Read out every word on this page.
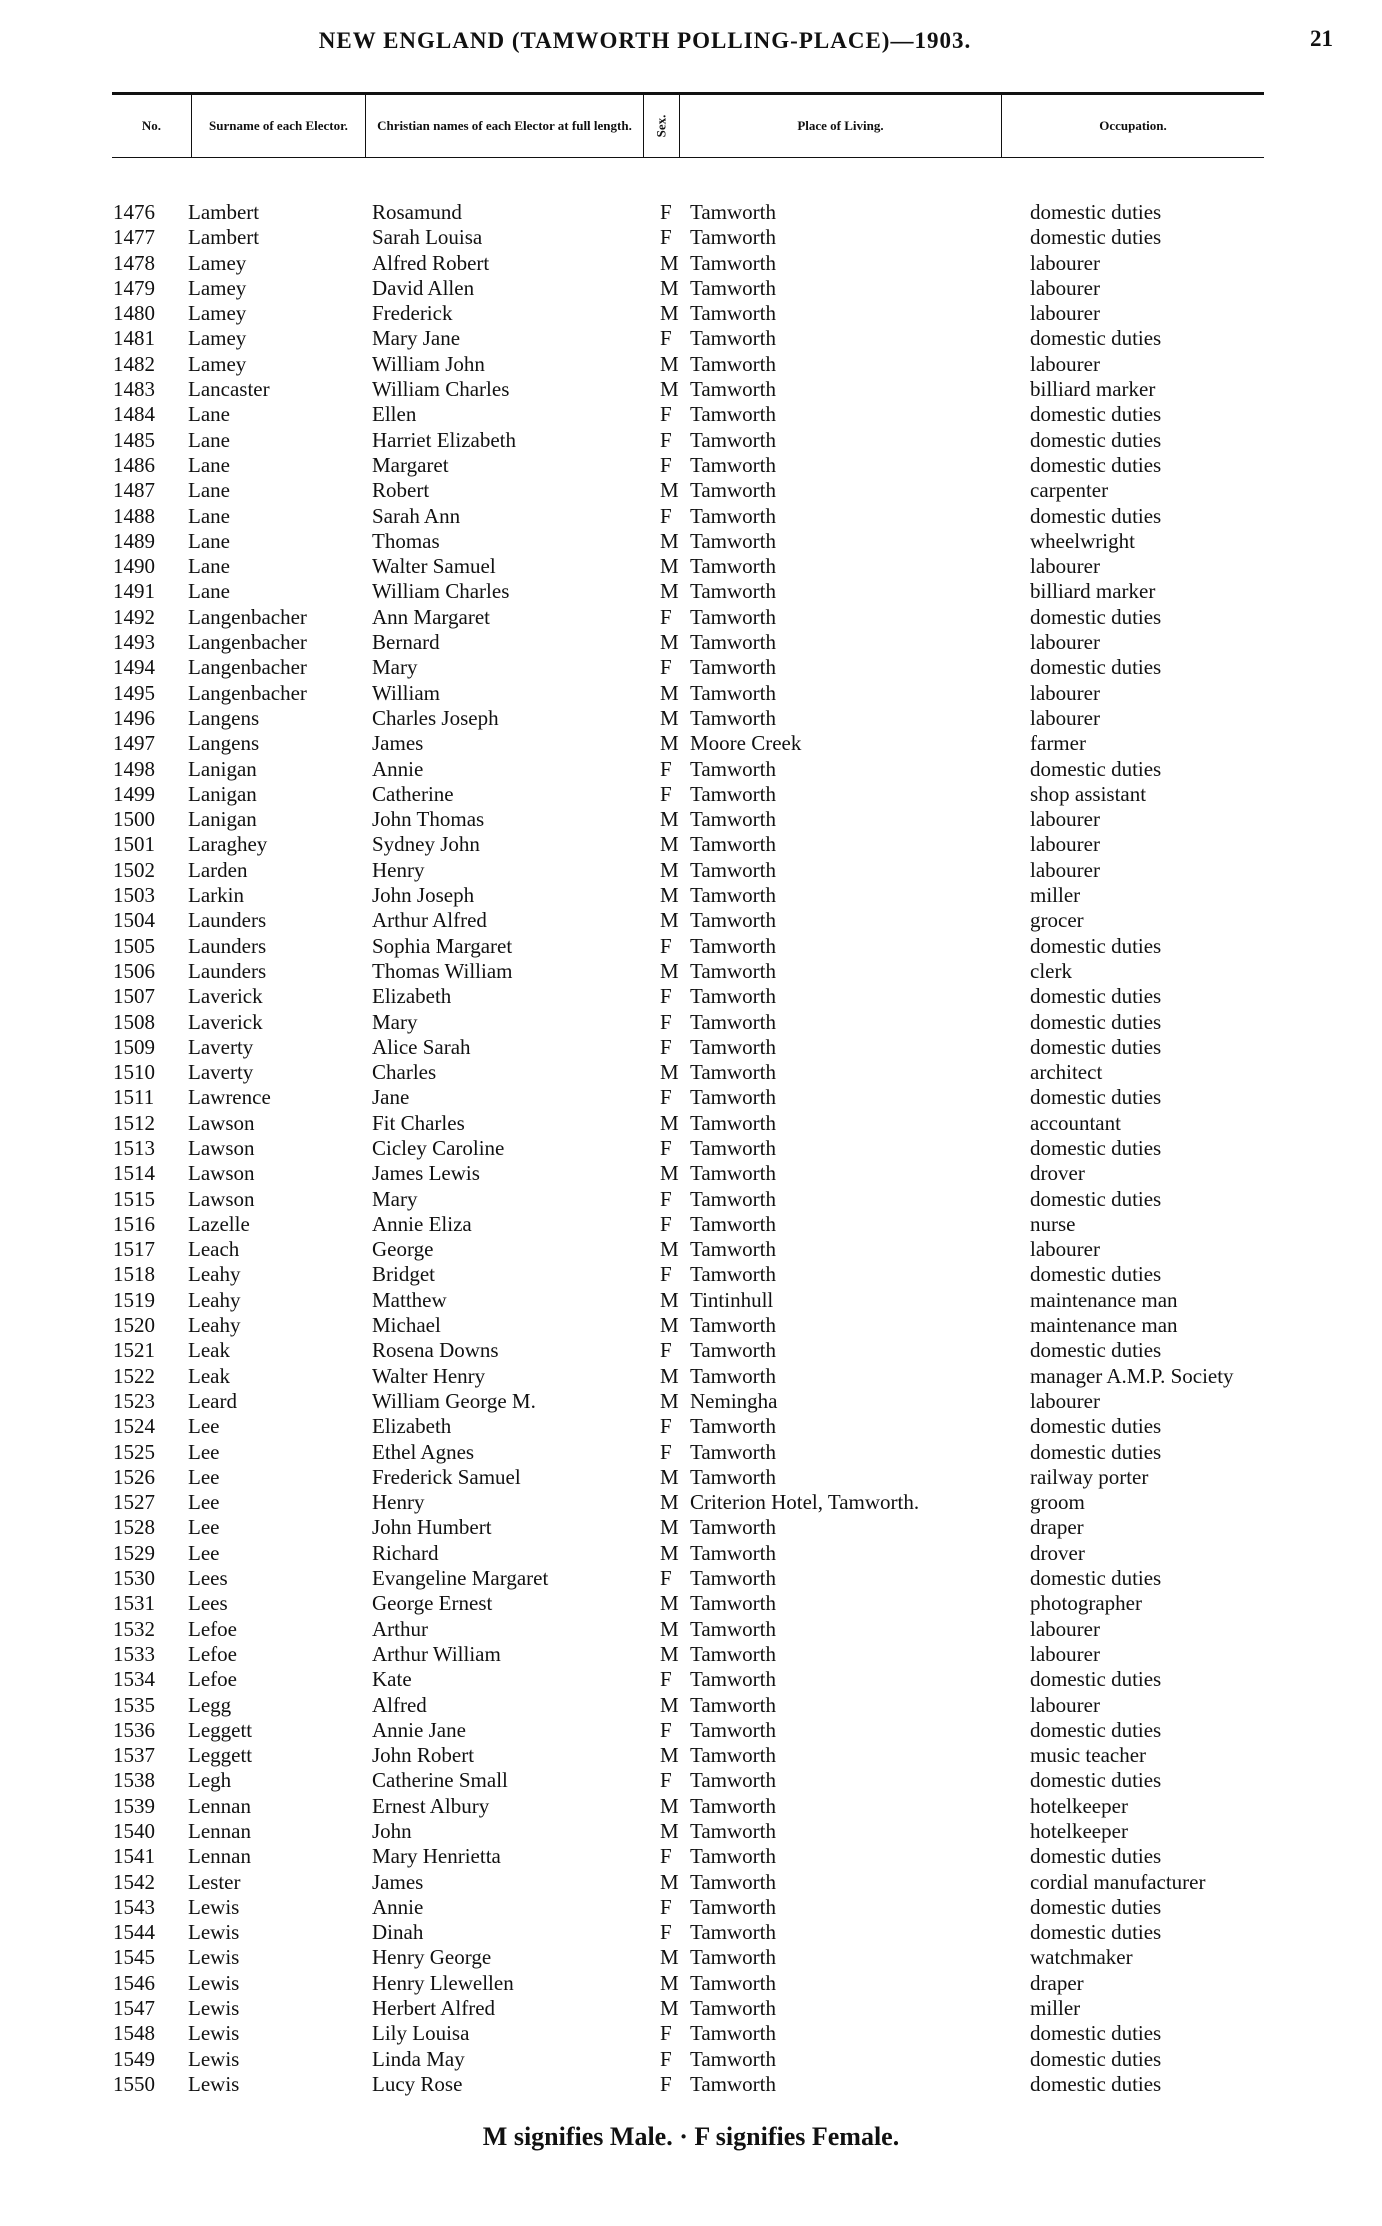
NEW ENGLAND (TAMWORTH POLLING-PLACE)—1903.	21
No.	Surname of each Elector.	Christian names of each Elector at full length.	Sex.	Place of Living.	Occupation.
1476	Lambert	Rosamund	F Tamworth	domestic duties
1477	Lambert	Sarah Louisa	F Tamworth	domestic duties
1478	Lamey	Alfred Robert	M Tamworth	labourer
1479	Lamey	David Allen	M Tamworth	labourer
1480	Lamey	Frederick	M Tamworth	labourer
1481	Lamey	Mary Jane	F Tamworth	domestic duties
1482	Lamey	William John	M Tamworth	labourer
1483	Lancaster	William Charles	M Tamworth	billiard marker
1484	Lane	Ellen	F Tamworth	domestic duties
1485	Lane	Harriet Elizabeth	F Tamworth	domestic duties
1486	Lane	Margaret	F Tamworth	domestic duties
1487	Lane	Robert	M Tamworth	carpenter
1488	Lane	Sarah Ann	F Tamworth	domestic duties
1489	Lane	Thomas	M Tamworth	wheelwright
1490	Lane	Walter Samuel	M Tamworth	labourer
1491	Lane	William Charles	M Tamworth	billiard marker
1492	Langenbacher	Ann Margaret	F Tamworth	domestic duties
1493	Langenbacher	Bernard	M Tamworth	labourer
1494	Langenbacher	Mary	F Tamworth	domestic duties
1495	Langenbacher	William	M Tamworth	labourer
1496	Langens	Charles Joseph	M Tamworth	labourer
1497	Langens	James	M Moore Creek	farmer
1498	Lanigan	Annie	F Tamworth	domestic duties
1499	Lanigan	Catherine	F Tamworth	shop assistant
1500	Lanigan	John Thomas	M Tamworth	labourer
1501	Laraghey	Sydney John	M Tamworth	labourer
1502	Larden	Henry	M Tamworth	labourer
1503	Larkin	John Joseph	M Tamworth	miller
1504	Launders	Arthur Alfred	M Tamworth	grocer
1505	Launders	Sophia Margaret	F Tamworth	domestic duties
1506	Launders	Thomas William	M Tamworth	clerk
1507	Laverick	Elizabeth	F Tamworth	domestic duties
1508	Laverick	Mary	F Tamworth	domestic duties
1509	Laverty	Alice Sarah	F Tamworth	domestic duties
1510	Laverty	Charles	M Tamworth	architect
1511	Lawrence	Jane	F Tamworth	domestic duties
1512	Lawson	Fit Charles	M Tamworth	accountant
1513	Lawson	Cicley Caroline	F Tamworth	domestic duties
1514	Lawson	James Lewis	M Tamworth	drover
1515	Lawson	Mary	F Tamworth	domestic duties
1516	Lazelle	Annie Eliza	F Tamworth	nurse
1517	Leach	George	M Tamworth	labourer
1518	Leahy	Bridget	F Tamworth	domestic duties
1519	Leahy	Matthew	M Tintinhull	maintenance man
1520	Leahy	Michael	M Tamworth	maintenance man
1521	Leak	Rosena Downs	F Tamworth	domestic duties
1522	Leak	Walter Henry	M Tamworth	manager A.M.P. Society
1523	Leard	William George M.	M Nemingha	labourer
1524	Lee	Elizabeth	F Tamworth	domestic duties
1525	Lee	Ethel Agnes	F Tamworth	domestic duties
1526	Lee	Frederick Samuel	M Tamworth	railway porter
1527	Lee	Henry	M Criterion Hotel, Tamworth.	groom
1528	Lee	John Humbert	M Tamworth	draper
1529	Lee	Richard	M Tamworth	drover
1530	Lees	Evangeline Margaret	F Tamworth	domestic duties
1531	Lees	George Ernest	M Tamworth	photographer
1532	Lefoe	Arthur	M Tamworth	labourer
1533	Lefoe	Arthur William	M Tamworth	labourer
1534	Lefoe	Kate	F Tamworth	domestic duties
1535	Legg	Alfred	M Tamworth	labourer
1536	Leggett	Annie Jane	F Tamworth	domestic duties
1537	Leggett	John Robert	M Tamworth	music teacher
1538	Legh	Catherine Small	F Tamworth	domestic duties
1539	Lennan	Ernest Albury	M Tamworth	hotelkeeper
1540	Lennan	John	M Tamworth	hotelkeeper
1541	Lennan	Mary Henrietta	F Tamworth	domestic duties
1542	Lester	James	M Tamworth	cordial manufacturer
1543	Lewis	Annie	F Tamworth	domestic duties
1544	Lewis	Dinah	F Tamworth	domestic duties
1545	Lewis	Henry George	M Tamworth	watchmaker
1546	Lewis	Henry Llewellen	M Tamworth	draper
1547	Lewis	Herbert Alfred	M Tamworth	miller
1548	Lewis	Lily Louisa	F Tamworth	domestic duties
1549	Lewis	Linda May	F Tamworth	domestic duties
1550	Lewis	Lucy Rose	F Tamworth	domestic duties
M signifies Male. · F signifies Female.
